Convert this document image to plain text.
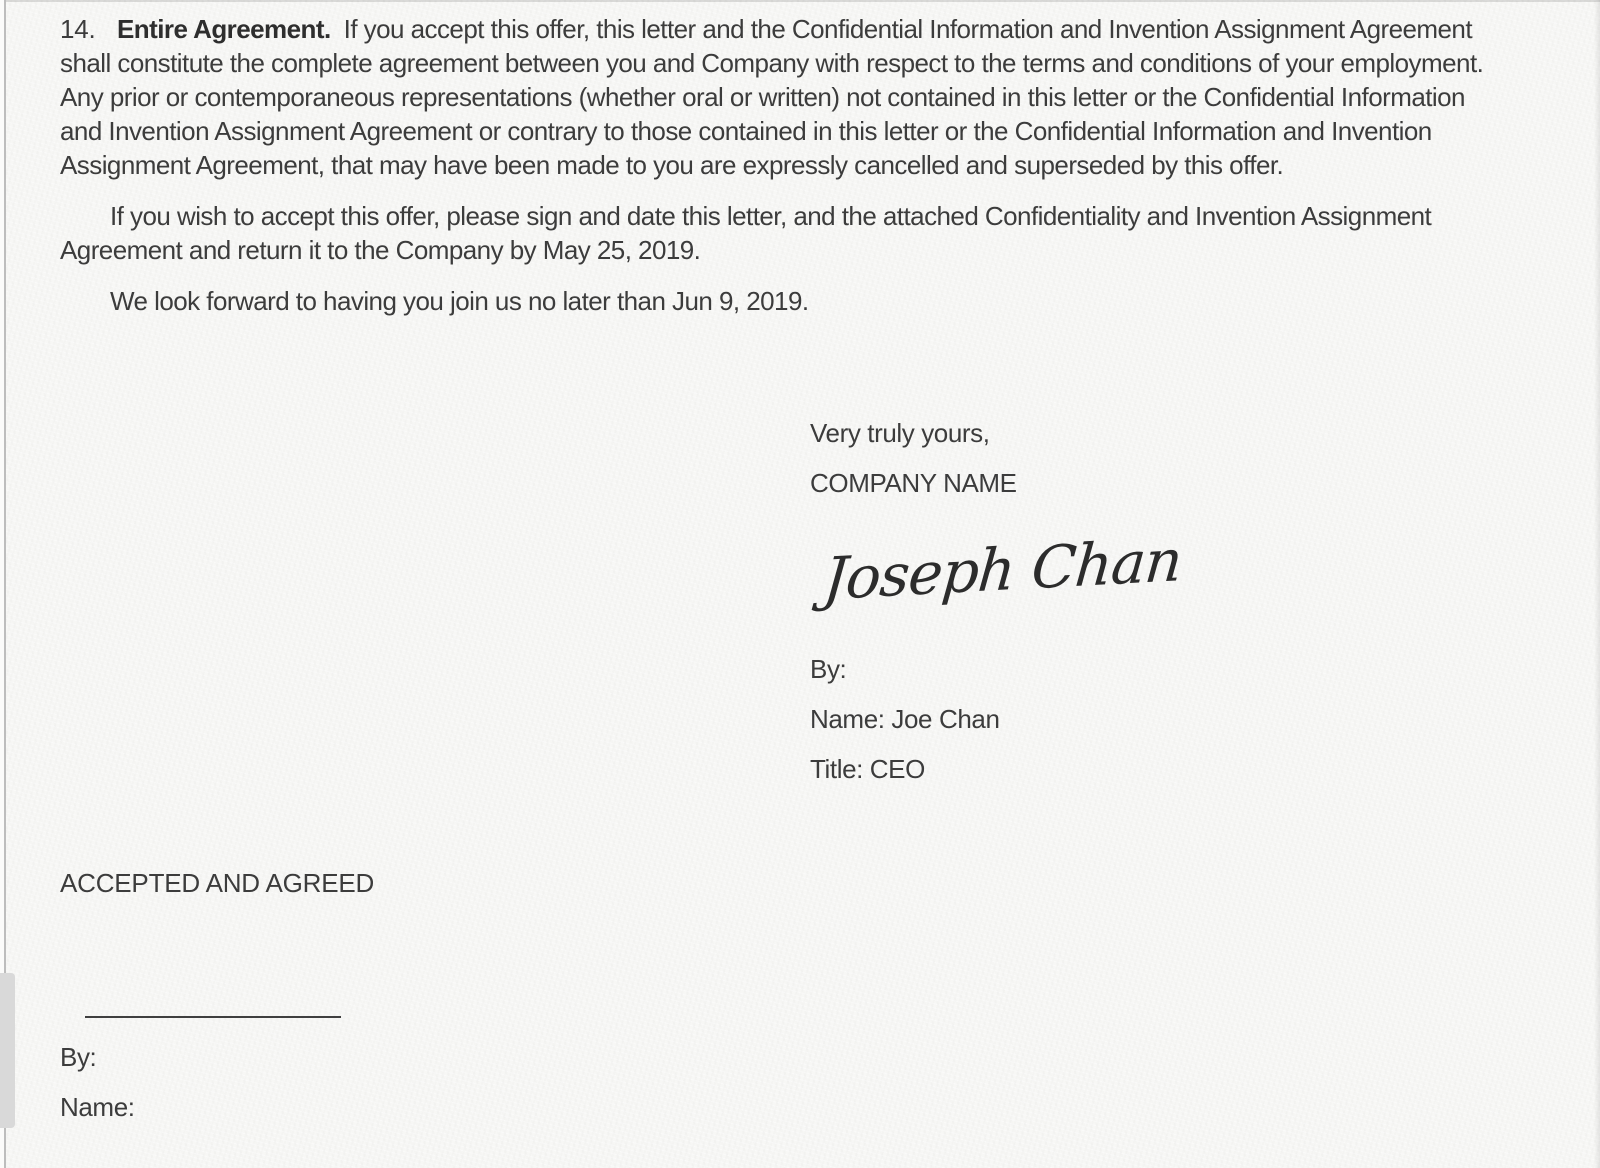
14. Entire Agreement. If you accept this offer, this letter and the Confidential Information and Invention Assignment Agreement shall constitute the complete agreement between you and Company with respect to the terms and conditions of your employment. Any prior or contemporaneous representations (whether oral or written) not contained in this letter or the Confidential Information and Invention Assignment Agreement or contrary to those contained in this letter or the Confidential Information and Invention Assignment Agreement, that may have been made to you are expressly cancelled and superseded by this offer.

If you wish to accept this offer, please sign and date this letter, and the attached Confidentiality and Invention Assignment Agreement and return it to the Company by May 25, 2019.

We look forward to having you join us no later than Jun 9, 2019.

Very truly yours,
COMPANY NAME
Joseph Chan
By:
Name: Joe Chan
Title: CEO
ACCEPTED AND AGREED
By:
Name:
